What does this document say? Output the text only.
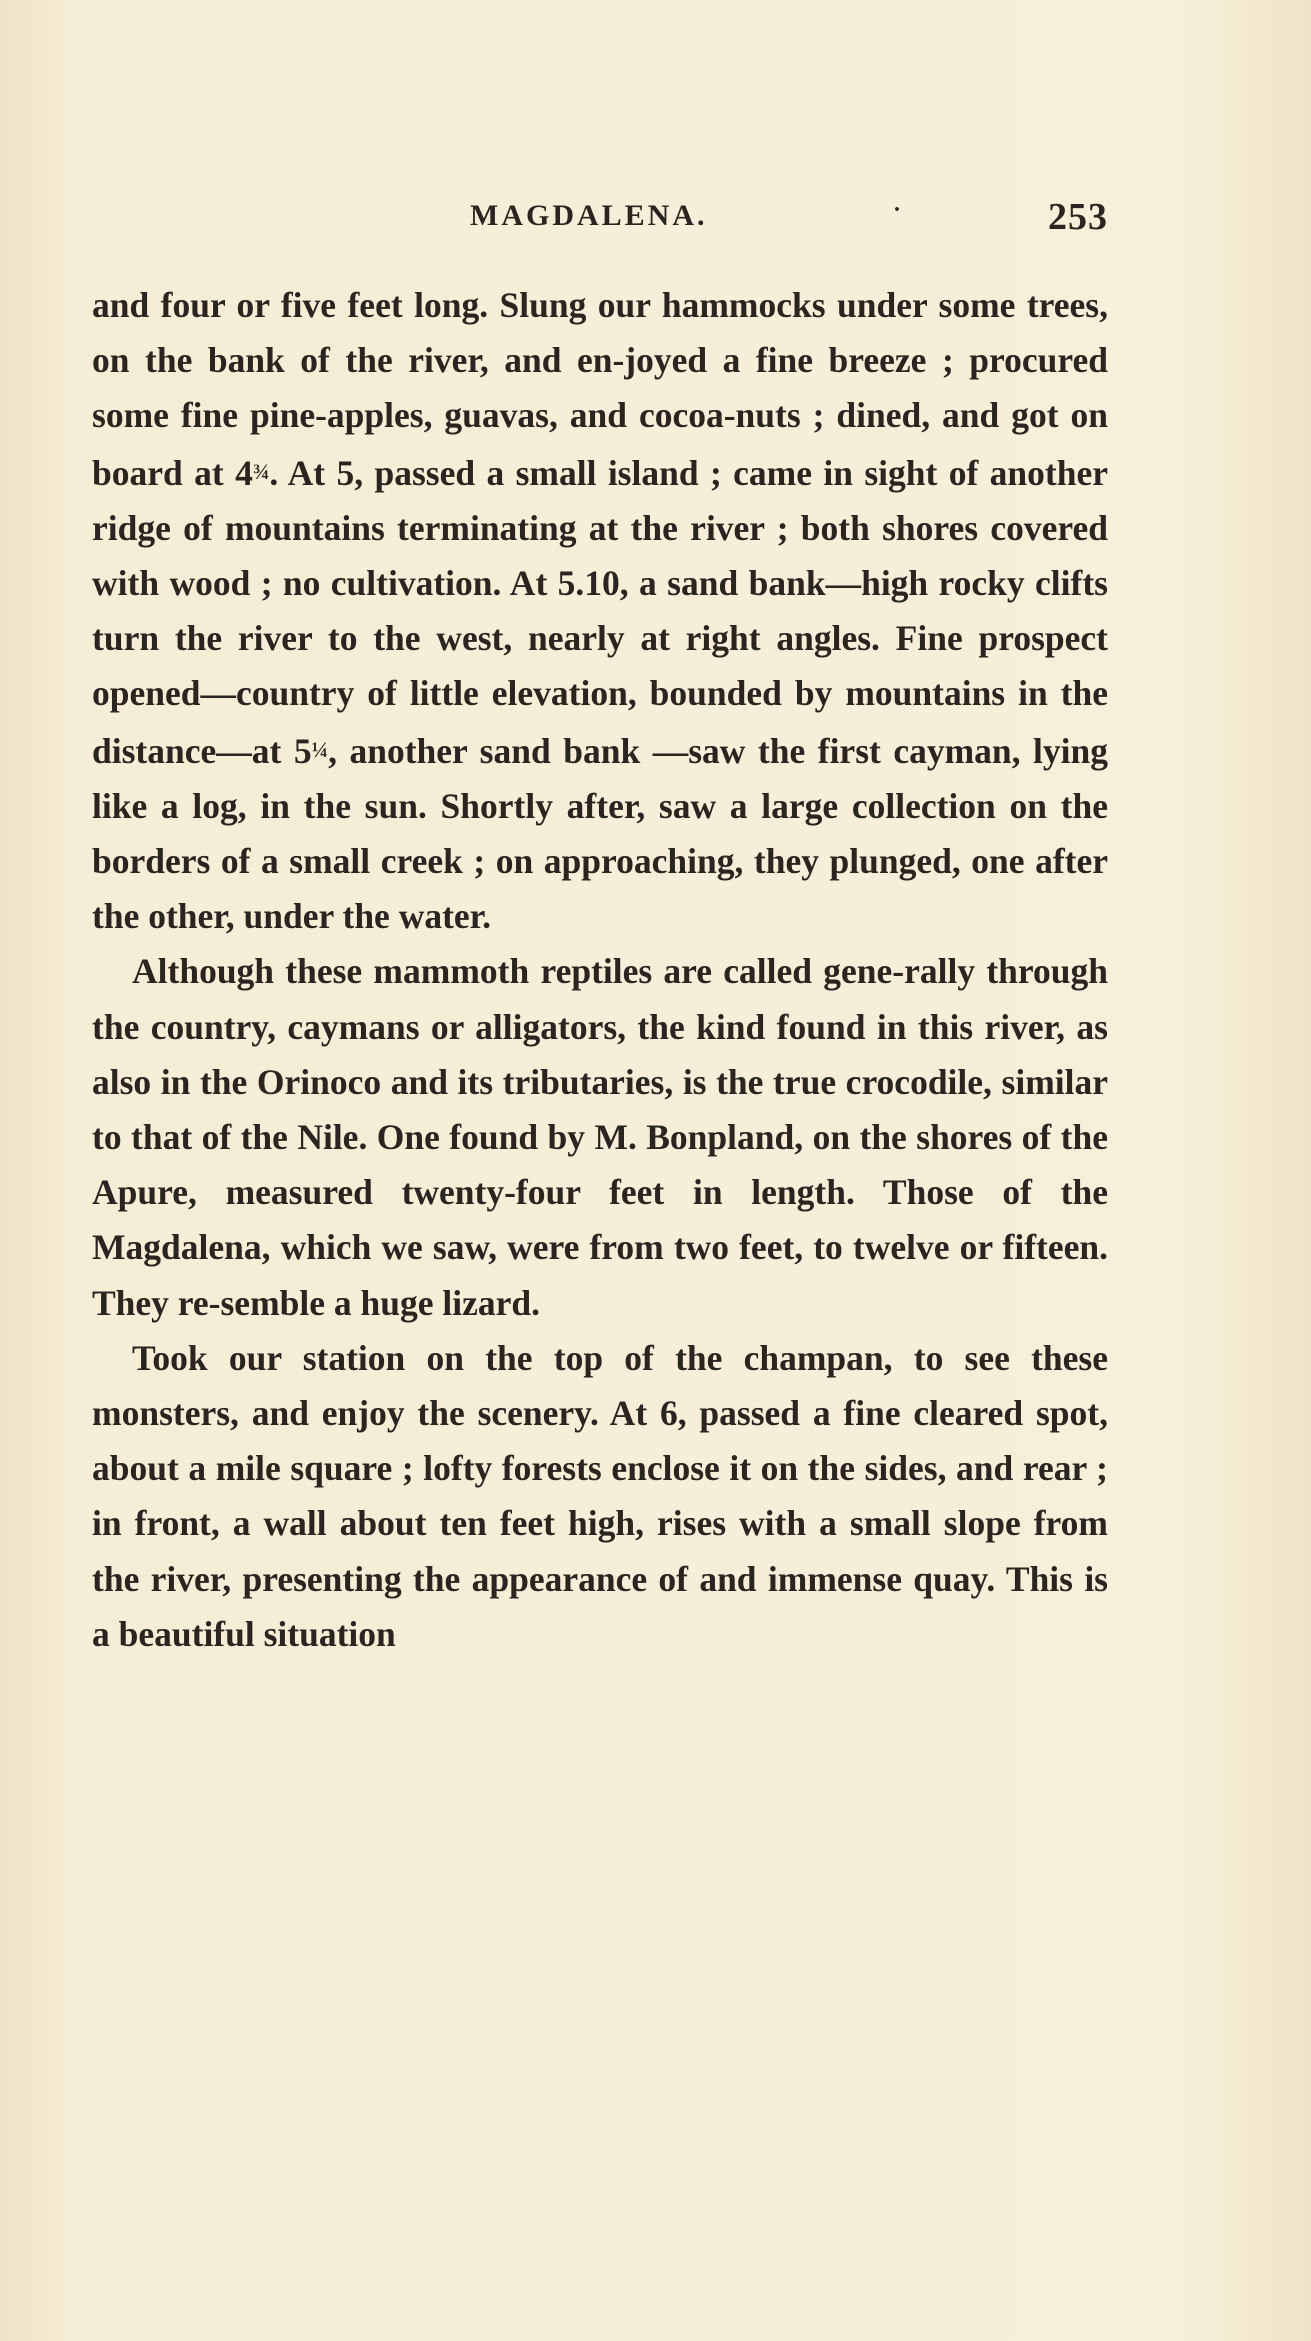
MAGDALENA.	·	253

and four or five feet long. Slung our hammocks under some trees, on the bank of the river, and en-joyed a fine breeze ; procured some fine pine-apples, guavas, and cocoa-nuts ; dined, and got on board at 4¾. At 5, passed a small island ; came in sight of another ridge of mountains terminating at the river ; both shores covered with wood ; no cultivation. At 5.10, a sand bank—high rocky clifts turn the river to the west, nearly at right angles. Fine prospect opened—country of little elevation, bounded by mountains in the distance—at 5¼, another sand bank —saw the first cayman, lying like a log, in the sun. Shortly after, saw a large collection on the borders of a small creek ; on approaching, they plunged, one after the other, under the water.

Although these mammoth reptiles are called gene-rally through the country, caymans or alligators, the kind found in this river, as also in the Orinoco and its tributaries, is the true crocodile, similar to that of the Nile. One found by M. Bonpland, on the shores of the Apure, measured twenty-four feet in length. Those of the Magdalena, which we saw, were from two feet, to twelve or fifteen. They re-semble a huge lizard.

Took our station on the top of the champan, to see these monsters, and enjoy the scenery. At 6, passed a fine cleared spot, about a mile square ; lofty forests enclose it on the sides, and rear ; in front, a wall about ten feet high, rises with a small slope from the river, presenting the appearance of and immense quay. This is a beautiful situation
